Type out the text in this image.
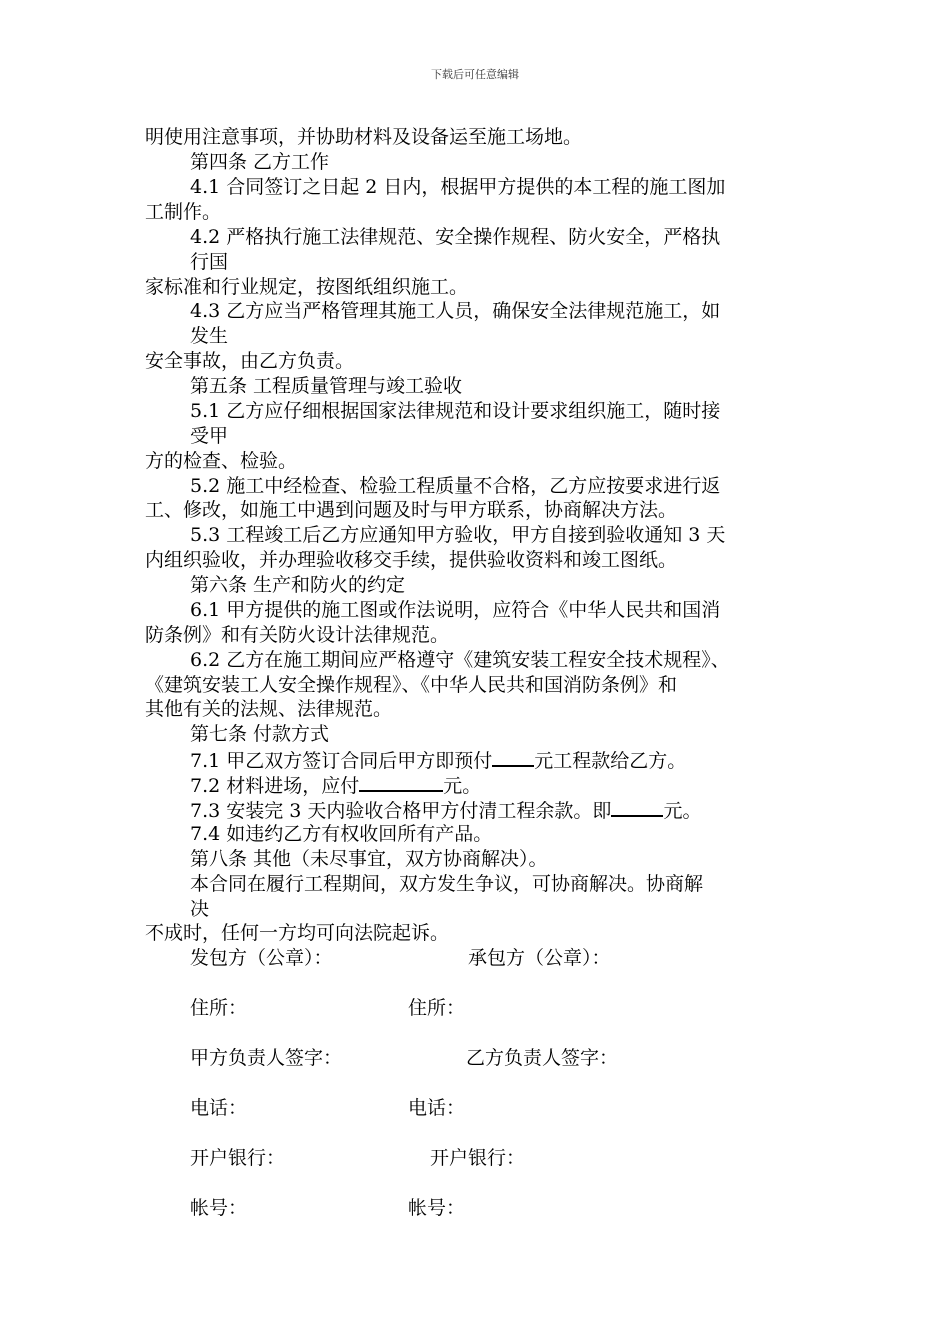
下载后可任意编辑
明使用注意事项，并协助材料及设备运至施工场地。
第四条 乙方工作
4.1 合同签订之日起 2 日内，根据甲方提供的本工程的施工图加
工制作。
4.2 严格执行施工法律规范、安全操作规程、防火安全，严格执
行国
家标准和行业规定，按图纸组织施工。
4.3 乙方应当严格管理其施工人员，确保安全法律规范施工，如
发生
安全事故，由乙方负责。
第五条 工程质量管理与竣工验收
5.1 乙方应仔细根据国家法律规范和设计要求组织施工，随时接
受甲
方的检查、检验。
5.2 施工中经检查、检验工程质量不合格，乙方应按要求进行返
工、修改，如施工中遇到问题及时与甲方联系，协商解决方法。
5.3 工程竣工后乙方应通知甲方验收，甲方自接到验收通知 3 天
内组织验收，并办理验收移交手续，提供验收资料和竣工图纸。
第六条 生产和防火的约定
6.1 甲方提供的施工图或作法说明，应符合《中华人民共和国消
防条例》和有关防火设计法律规范。
6.2 乙方在施工期间应严格遵守《建筑安装工程安全技术规程》、
《建筑安装工人安全操作规程》、《中华人民共和国消防条例》和
其他有关的法规、法律规范。
第七条 付款方式
7.1 甲乙双方签订合同后甲方即预付 元工程款给乙方。
7.2 材料进场，应付	元。
7.3 安装完 3 天内验收合格甲方付清工程余款。即	元。
7.4 如违约乙方有权收回所有产品。
第八条 其他（未尽事宜，双方协商解决）。
本合同在履行工程期间，双方发生争议，可协商解决。协商解
决
不成时，任何一方均可向法院起诉。
发包方（公章）：	承包方（公章）：
住所：	住所：
甲方负责人签字：	乙方负责人签字：
电话：	电话：
开户银行：	开户银行：
帐号：	帐号：
